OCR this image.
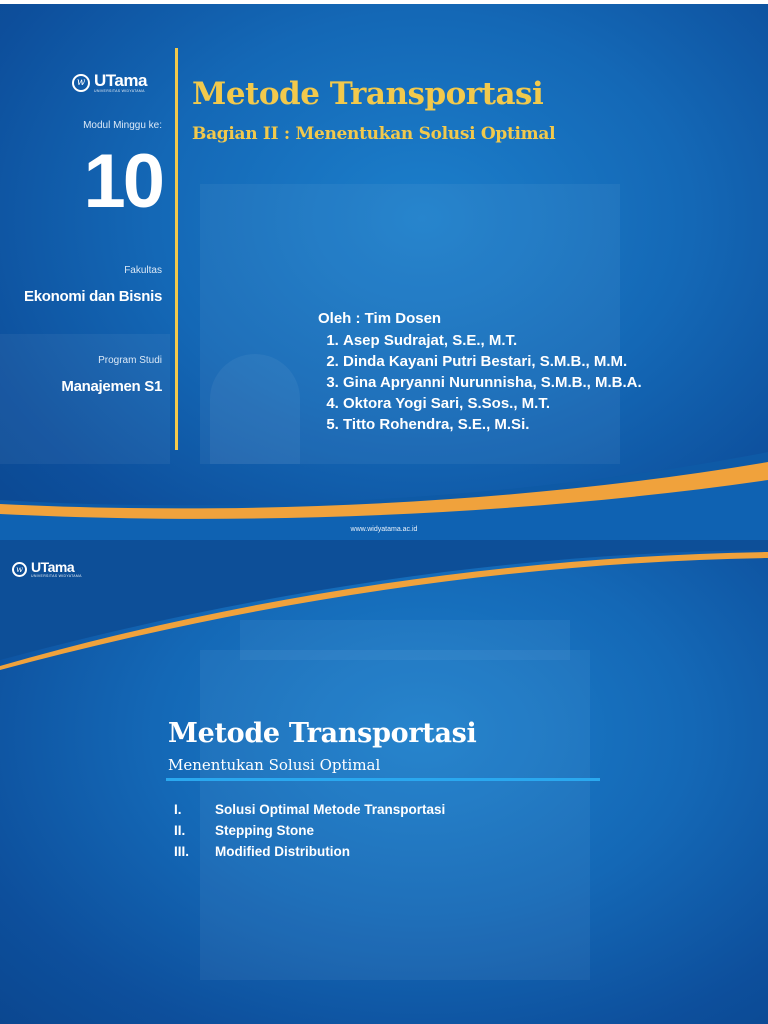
w UTama
UNIVERSITAS WIDYATAMA
Modul Minggu ke:
10
Fakultas
Ekonomi dan Bisnis
Program Studi
Manajemen S1
Metode Transportasi
Bagian II : Menentukan Solusi Optimal
Oleh : Tim Dosen
1. Asep Sudrajat, S.E., M.T.
2. Dinda Kayani Putri Bestari, S.M.B., M.M.
3. Gina Apryanni Nurunnisha, S.M.B., M.B.A.
4. Oktora Yogi Sari, S.Sos., M.T.
5. Titto Rohendra, S.E., M.Si.
www.widyatama.ac.id
w UTama
UNIVERSITAS WIDYATAMA
Metode Transportasi
Menentukan Solusi Optimal
I.	Solusi Optimal Metode Transportasi
II.	Stepping Stone
III.	Modified Distribution
